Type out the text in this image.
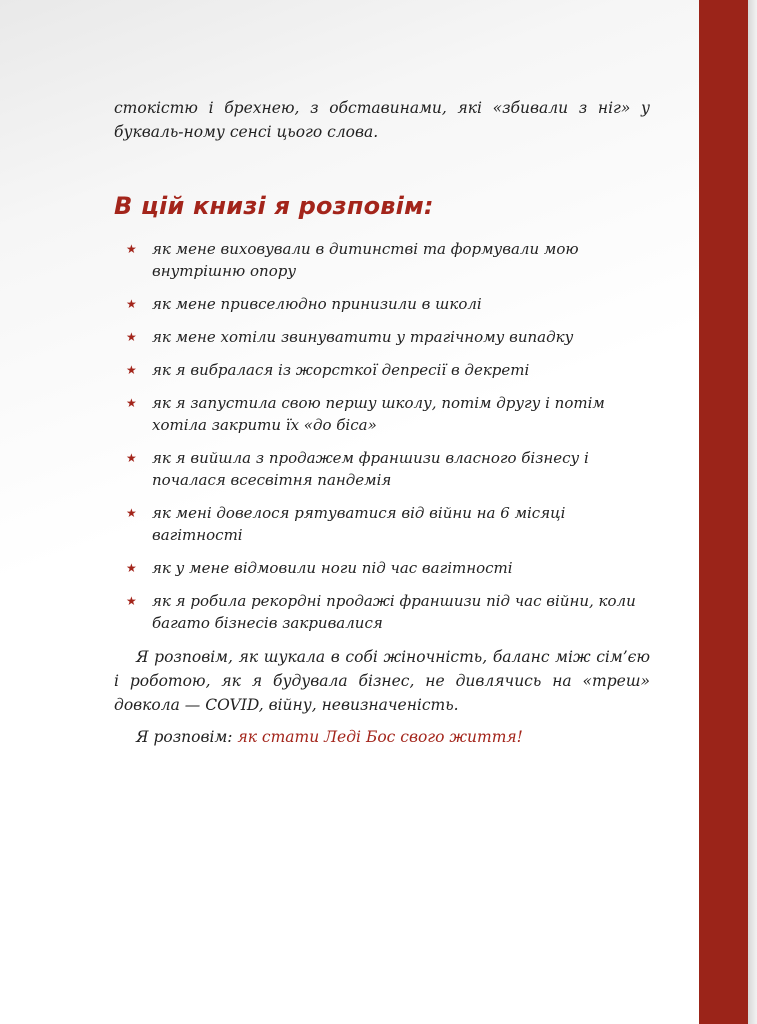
стокістю і брехнею, з обставинами, які «збивали з ніг» у букваль-ному сенсі цього слова.

В цій книзі я розповім:
★ як мене виховували в дитинстві та формували мою внутрішню опору
★ як мене привселюдно принизили в школі
★ як мене хотіли звинуватити у трагічному випадку
★ як я вибралася із жорсткої депресії в декреті
★ як я запустила свою першу школу, потім другу і потім хотіла закрити їх «до біса»
★ як я вийшла з продажем франшизи власного бізнесу і почалася всесвітня пандемія
★ як мені довелося рятуватися від війни на 6 місяці вагітності
★ як у мене відмовили ноги під час вагітності
★ як я робила рекордні продажі франшизи під час війни, коли багато бізнесів закривалися

Я розповім, як шукала в собі жіночність, баланс між сім’єю і роботою, як я будувала бізнес, не дивлячись на «треш» довкола — COVID, війну, невизначеність.

Я розповім: як стати Леді Бос свого життя!
